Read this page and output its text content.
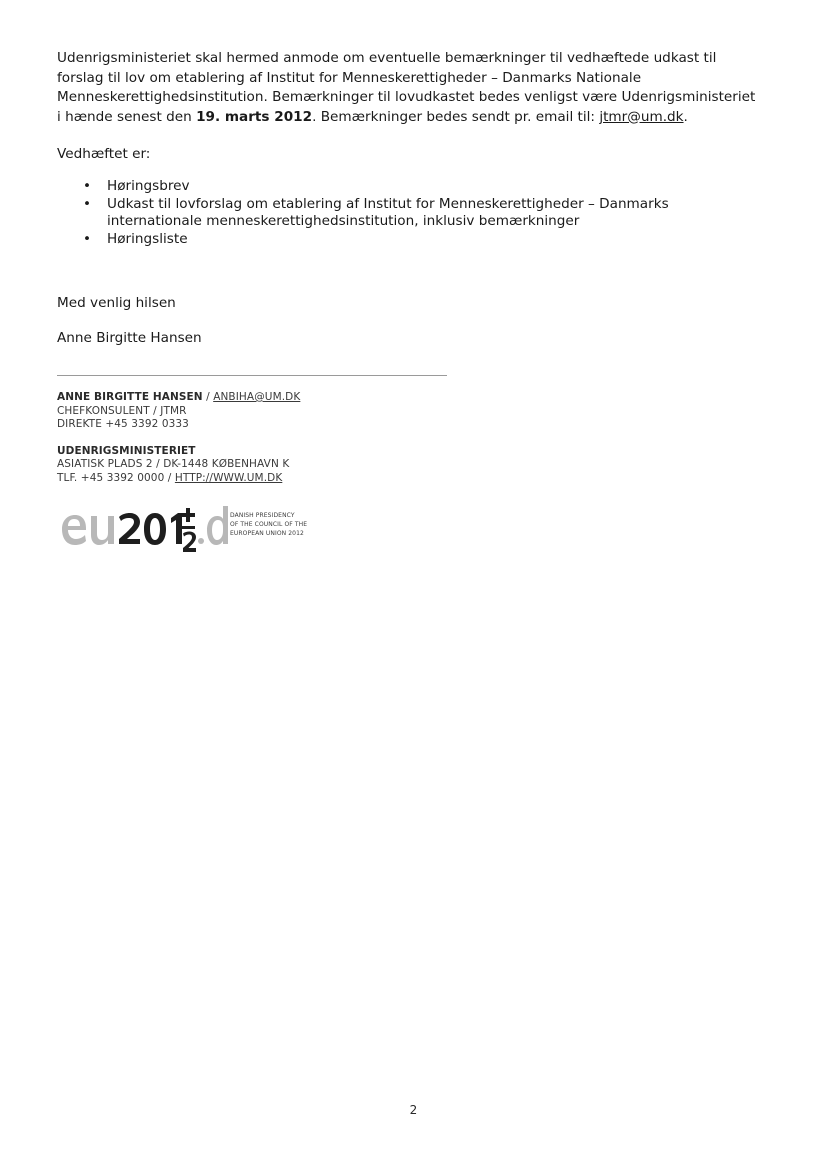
Udenrigsministeriet skal hermed anmode om eventuelle bemærkninger til vedhæftede udkast til
forslag til lov om etablering af Institut for Menneskerettigheder – Danmarks Nationale
Menneskerettighedsinstitution. Bemærkninger til lovudkastet bedes venligst være Udenrigsministeriet
i hænde senest den 19. marts 2012. Bemærkninger bedes sendt pr. email til: jtmr@um.dk.

Vedhæftet er:

• Høringsbrev
• Udkast til lovforslag om etablering af Institut for Menneskerettigheder – Danmarks internationale menneskerettighedsinstitution, inklusiv bemærkninger
• Høringsliste

Med venlig hilsen

Anne Birgitte Hansen

ANNE BIRGITTE HANSEN / ANBIHA@UM.DK
CHEFKONSULENT / JTMR
DIREKTE +45 3392 0333
UDENRIGSMINISTERIET
ASIATISK PLADS 2 / DK-1448 KØBENHAVN K
TLF. +45 3392 0000 / HTTP://WWW.UM.DK
DANISH PRESIDENCY
OF THE COUNCIL OF THE
EUROPEAN UNION 2012
2
